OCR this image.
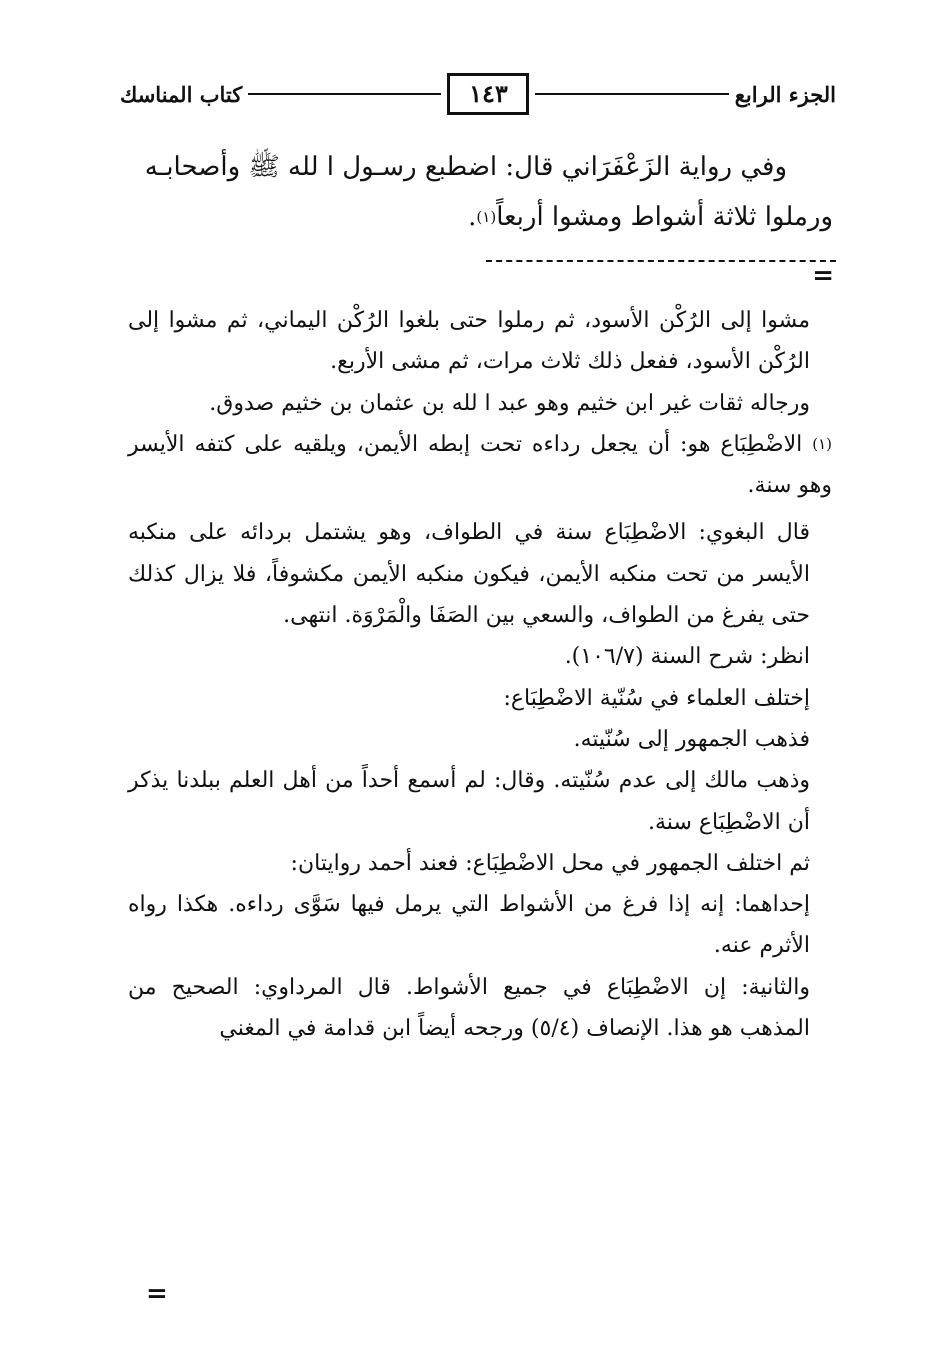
الجزء الرابع
١٤٣
كتاب المناسك

وفي رواية الزَعْفَرَاني قال: اضطبع رسـول ا لله ﷺ وأصحابـه

ورملوا ثلاثة أشواط ومشوا أربعاً$^{(١)}$.

=

مشوا إلى الرُكْن الأسود، ثم رملوا حتى بلغوا الرُكْن اليماني، ثم مشوا إلى الرُكْن الأسود، ففعل ذلك ثلاث مرات، ثم مشى الأربع.

ورجاله ثقات غير ابن خثيم وهو عبد ا لله بن عثمان بن خثيم صدوق.

$^{(١)}$ الاضْطِبَاع هو: أن يجعل رداءه تحت إبطه الأيمن، ويلقيه على كتفه الأيسر وهو سنة.

قال البغوي: الاضْطِبَاع سنة في الطواف، وهو يشتمل بردائه على منكبه الأيسر من تحت منكبه الأيمن، فيكون منكبه الأيمن مكشوفاً، فلا يزال كذلك حتى يفرغ من الطواف، والسعي بين الصَفَا والْمَرْوَة. انتهى.

انظر: شرح السنة (١٠٦/٧).

إختلف العلماء في سُنّية الاضْطِبَاع:

فذهب الجمهور إلى سُنّيته.

وذهب مالك إلى عدم سُنّيته. وقال: لم أسمع أحداً من أهل العلم ببلدنا يذكر أن الاضْطِبَاع سنة.

ثم اختلف الجمهور في محل الاضْطِبَاع: فعند أحمد روايتان:

إحداهما: إنه إذا فرغ من الأشواط التي يرمل فيها سَوَّى رداءه. هكذا رواه الأثرم عنه.

والثانية: إن الاضْطِبَاع في جميع الأشواط. قال المرداوي: الصحيح من المذهب هو هذا. الإنصاف (٥/٤) ورجحه أيضاً ابن قدامة في المغني

=
